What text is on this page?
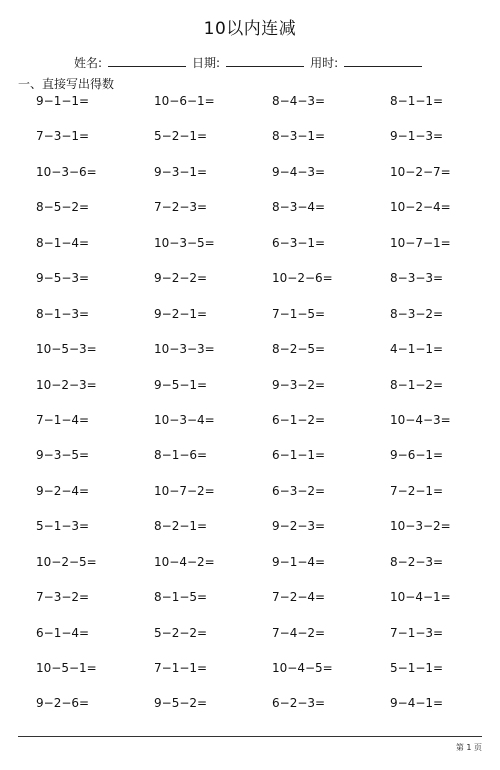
10以内连减
姓名:	日期:	用时:
一、直接写出得数
9−1−1=	10−6−1=	8−4−3=	8−1−1=
7−3−1=	5−2−1=	8−3−1=	9−1−3=
10−3−6=	9−3−1=	9−4−3=	10−2−7=
8−5−2=	7−2−3=	8−3−4=	10−2−4=
8−1−4=	10−3−5=	6−3−1=	10−7−1=
9−5−3=	9−2−2=	10−2−6=	8−3−3=
8−1−3=	9−2−1=	7−1−5=	8−3−2=
10−5−3=	10−3−3=	8−2−5=	4−1−1=
10−2−3=	9−5−1=	9−3−2=	8−1−2=
7−1−4=	10−3−4=	6−1−2=	10−4−3=
9−3−5=	8−1−6=	6−1−1=	9−6−1=
9−2−4=	10−7−2=	6−3−2=	7−2−1=
5−1−3=	8−2−1=	9−2−3=	10−3−2=
10−2−5=	10−4−2=	9−1−4=	8−2−3=
7−3−2=	8−1−5=	7−2−4=	10−4−1=
6−1−4=	5−2−2=	7−4−2=	7−1−3=
10−5−1=	7−1−1=	10−4−5=	5−1−1=
9−2−6=	9−5−2=	6−2−3=	9−4−1=
第 1 页
